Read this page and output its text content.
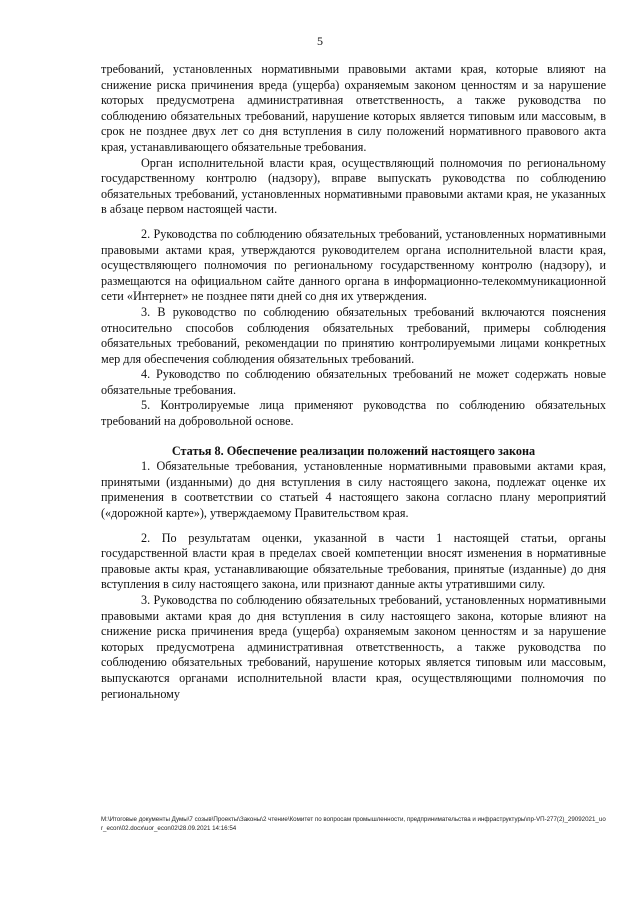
5

требований, установленных нормативными правовыми актами края, которые влияют на снижение риска причинения вреда (ущерба) охраняемым законом ценностям и за нарушение которых предусмотрена административная ответственность, а также руководства по соблюдению обязательных требований, нарушение которых является типовым или массовым, в срок не позднее двух лет со дня вступления в силу положений нормативного правового акта края, устанавливающего обязательные требования.

Орган исполнительной власти края, осуществляющий полномочия по региональному государственному контролю (надзору), вправе выпускать руководства по соблюдению обязательных требований, установленных нормативными правовыми актами края, не указанных в абзаце первом настоящей части.

2. Руководства по соблюдению обязательных требований, установленных нормативными правовыми актами края, утверждаются руководителем органа исполнительной власти края, осуществляющего полномочия по региональному государственному контролю (надзору), и размещаются на официальном сайте данного органа в информационно-телекоммуникационной сети «Интернет» не позднее пяти дней со дня их утверждения.

3. В руководство по соблюдению обязательных требований включаются пояснения относительно способов соблюдения обязательных требований, примеры соблюдения обязательных требований, рекомендации по принятию контролируемыми лицами конкретных мер для обеспечения соблюдения обязательных требований.

4. Руководство по соблюдению обязательных требований не может содержать новые обязательные требования.

5. Контролируемые лица применяют руководства по соблюдению обязательных требований на добровольной основе.

Статья 8. Обеспечение реализации положений настоящего закона

1. Обязательные требования, установленные нормативными правовыми актами края, принятыми (изданными) до дня вступления в силу настоящего закона, подлежат оценке их применения в соответствии со статьей 4 настоящего закона согласно плану мероприятий («дорожной карте»), утверждаемому Правительством края.

2. По результатам оценки, указанной в части 1 настоящей статьи, органы государственной власти края в пределах своей компетенции вносят изменения в нормативные правовые акты края, устанавливающие обязательные требования, принятые (изданные) до дня вступления в силу настоящего закона, или признают данные акты утратившими силу.

3. Руководства по соблюдению обязательных требований, установленных нормативными правовыми актами края до дня вступления в силу настоящего закона, которые влияют на снижение риска причинения вреда (ущерба) охраняемым законом ценностям и за нарушение которых предусмотрена административная ответственность, а также руководства по соблюдению обязательных требований, нарушение которых является типовым или массовым, выпускаются органами исполнительной власти края, осуществляющими полномочия по региональному

M:\Итоговые документы Думы\7 созыв\Проекты\Законы\2 чтение\Комитет по вопросам промышленности, предпринимательства и инфраструктуры\пр-VП-277(2)_29092021_uor_econ\02.docx\uor_econ02\28.09.2021 14:16:54
